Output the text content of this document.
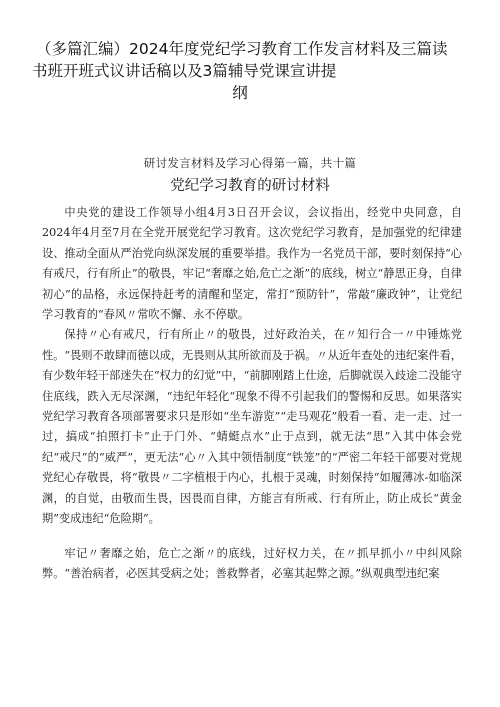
（多篇汇编）2024年度党纪学习教育工作发言材料及三篇读
书班开班式议讲话稿以及3篇辅导党课宣讲提
纲
研讨发言材料及学习心得第一篇，共十篇
党纪学习教育的研讨材料

中央党的建设工作领导小组4月3日召开会议，会议指出，经党中央同意，自2024年4月至7月在全党开展党纪学习教育。这次党纪学习教育，是加强党的纪律建设、推动全面从严治党向纵深发展的重要举措。我作为一名党员干部，要时刻保持“心有戒尺，行有所止”的敬畏，牢记“奢靡之始,危亡之渐”的底线，树立“静思正身，自律初心”的品格，永远保持赶考的清醒和坚定，常打“预防针”，常敲“廉政钟”，让党纪学习教育的“春风〃常吹不懈、永不停歇。

保持〃心有戒尺，行有所止〃的敬畏，过好政治关，在〃知行合一〃中锤炼党性。“畏则不敢肆而德以成，无畏则从其所欲而及于祸。〃从近年查处的违纪案件看，有少数年轻干部迷失在“权力的幻觉”中，“前脚刚踏上仕途，后脚就误入歧途二没能守住底线，跌入无尽深渊，“违纪年轻化“现象不得不引起我们的警惕和反思。如果落实党纪学习教育各项部署要求只是形如“坐车游览”“走马观花”般看一看、走一走、过一过，搞成“拍照打卡”止于门外、“蜻蜓点水”止于点到，就无法“思”入其中体会党纪“戒尺”的“威严”，更无法“心〃入其中领悟制度“铁笼”的“严密二年轻干部要对党规党纪心存敬畏，将“敬畏〃二字植根于内心，扎根于灵魂，时刻保持“如履薄冰-如临深渊，的自觉，由敬而生畏，因畏而自律，方能言有所戒、行有所止，防止成长“黄金期”变成违纪“危险期”。

牢记〃奢靡之始，危亡之渐〃的底线，过好权力关，在〃抓早抓小〃中纠风除弊。“善治病者，必医其受病之处；善救弊者，必塞其起弊之源。”纵观典型违纪案
